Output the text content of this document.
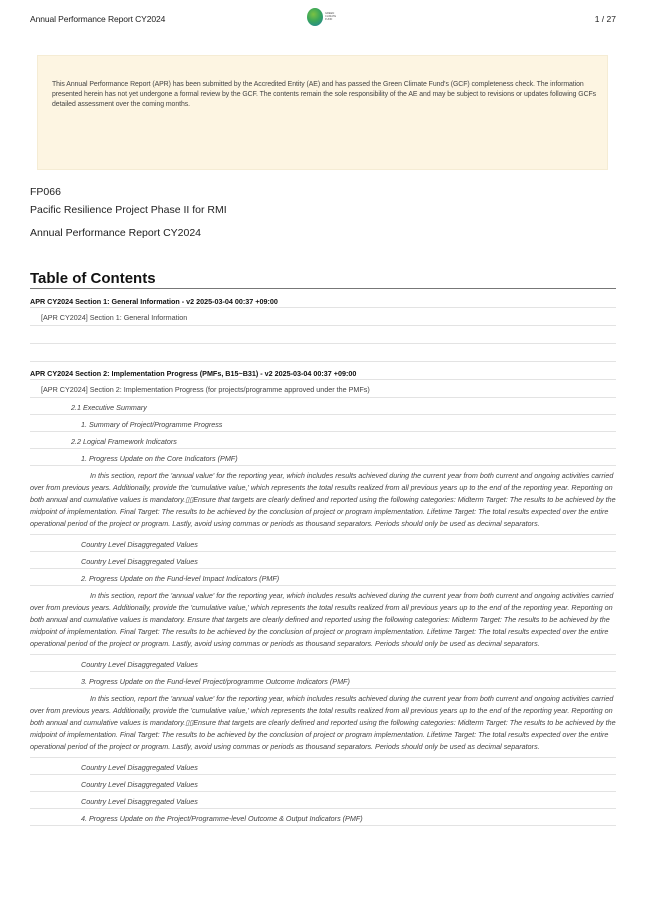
Annual Performance Report CY2024
GREEN CLIMATE FUND	1 / 27
This Annual Performance Report (APR) has been submitted by the Accredited Entity (AE) and has passed the Green Climate Fund's (GCF) completeness check. The information presented herein has not yet undergone a formal review by the GCF. The contents remain the sole responsibility of the AE and may be subject to revisions or updates following GCFs detailed assessment over the coming months.
FP066
Pacific Resilience Project Phase II for RMI
Annual Performance Report CY2024
Table of Contents
APR CY2024 Section 1: General Information - v2 2025-03-04 00:37 +09:00
[APR CY2024] Section 1: General Information
APR CY2024 Section 2: Implementation Progress (PMFs, B15~B31) - v2 2025-03-04 00:37 +09:00
[APR CY2024] Section 2: Implementation Progress (for projects/programme approved under the PMFs)
2.1 Executive Summary
1. Summary of Project/Programme Progress
2.2 Logical Framework Indicators
1. Progress Update on the Core Indicators (PMF)
In this section, report the 'annual value' for the reporting year, which includes results achieved during the current year from both current and ongoing activities carried over from previous years. Additionally, provide the 'cumulative value,' which represents the total results realized from all previous years up to the end of the reporting year. Reporting on both annual and cumulative values is mandatory.▯▯Ensure that targets are clearly defined and reported using the following categories: Midterm Target: The results to be achieved by the midpoint of implementation. Final Target: The results to be achieved by the conclusion of project or program implementation. Lifetime Target: The total results expected over the entire operational period of the project or program. Lastly, avoid using commas or periods as thousand separators. Periods should only be used as decimal separators.
Country Level Disaggregated Values
Country Level Disaggregated Values
2. Progress Update on the Fund-level Impact Indicators (PMF)
In this section, report the 'annual value' for the reporting year, which includes results achieved during the current year from both current and ongoing activities carried over from previous years. Additionally, provide the 'cumulative value,' which represents the total results realized from all previous years up to the end of the reporting year. Reporting on both annual and cumulative values is mandatory. Ensure that targets are clearly defined and reported using the following categories: Midterm Target: The results to be achieved by the midpoint of implementation. Final Target: The results to be achieved by the conclusion of project or program implementation. Lifetime Target: The total results expected over the entire operational period of the project or program. Lastly, avoid using commas or periods as thousand separators. Periods should only be used as decimal separators.
Country Level Disaggregated Values
3. Progress Update on the Fund-level Project/programme Outcome Indicators (PMF)
In this section, report the 'annual value' for the reporting year, which includes results achieved during the current year from both current and ongoing activities carried over from previous years. Additionally, provide the 'cumulative value,' which represents the total results realized from all previous years up to the end of the reporting year. Reporting on both annual and cumulative values is mandatory.▯▯Ensure that targets are clearly defined and reported using the following categories: Midterm Target: The results to be achieved by the midpoint of implementation. Final Target: The results to be achieved by the conclusion of project or program implementation. Lifetime Target: The total results expected over the entire operational period of the project or program. Lastly, avoid using commas or periods as thousand separators. Periods should only be used as decimal separators.
Country Level Disaggregated Values
Country Level Disaggregated Values
Country Level Disaggregated Values
4. Progress Update on the Project/Programme-level Outcome & Output Indicators (PMF)
